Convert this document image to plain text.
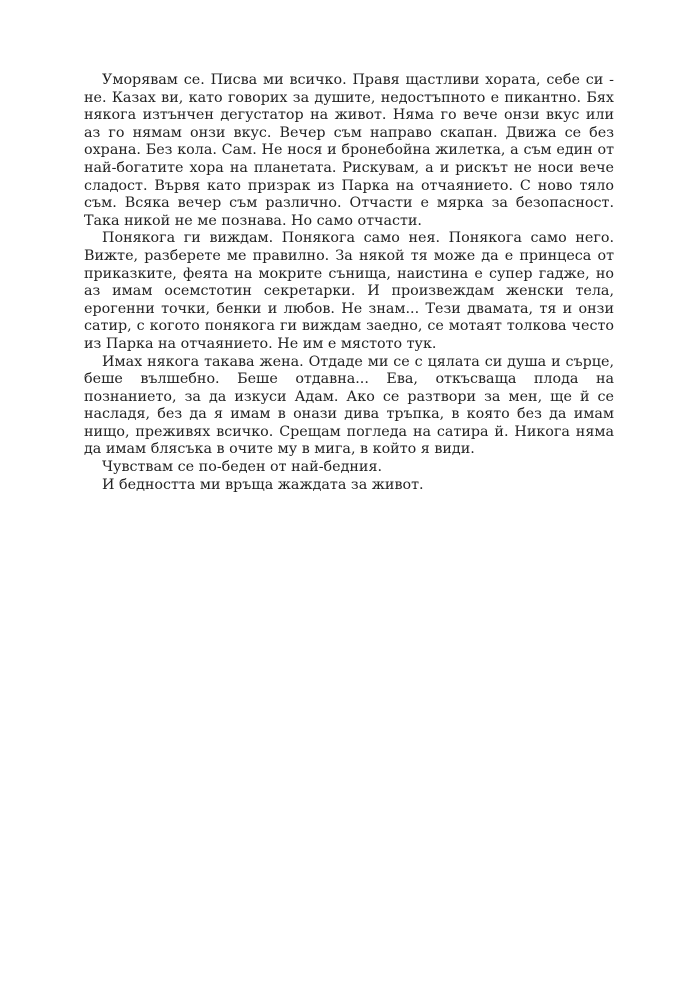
Уморявам се. Писва ми всичко. Правя щастливи хората, себе си - не. Казах ви, като говорих за душите, недостъпното е пикантно. Бях някога изтънчен дегустатор на живот. Няма го вече онзи вкус или аз го нямам онзи вкус. Вечер съм направо скапан. Движа се без охрана. Без кола. Сам. Не нося и бронебойна жилетка, а съм един от най-богатите хора на планетата. Рискувам, а и рискът не носи вече сладост. Вървя като призрак из Парка на отчаянието. С ново тяло съм. Всяка вечер съм различно. Отчасти е мярка за безопасност. Така никой не ме познава. Но само отчасти.

Понякога ги виждам. Понякога само нея. Понякога само него. Вижте, разберете ме правилно. За някой тя може да е принцеса от приказките, феята на мокрите сънища, наистина е супер гадже, но аз имам осемстотин секретарки. И произвеждам женски тела, ерогенни точки, бенки и любов. Не знам... Тези двамата, тя и онзи сатир, с когото понякога ги виждам заедно, се мотаят толкова често из Парка на отчаянието. Не им е мястото тук.

Имах някога такава жена. Отдаде ми се с цялата си душа и сърце, беше вълшебно. Беше отдавна... Ева, откъсваща плода на познанието, за да изкуси Адам. Ако се разтвори за мен, ще й се насладя, без да я имам в онази дива тръпка, в която без да имам нищо, преживях всичко. Срещам погледа на сатира й. Никога няма да имам блясъка в очите му в мига, в който я види.

Чувствам се по-беден от най-бедния.

И бедността ми връща жаждата за живот.
